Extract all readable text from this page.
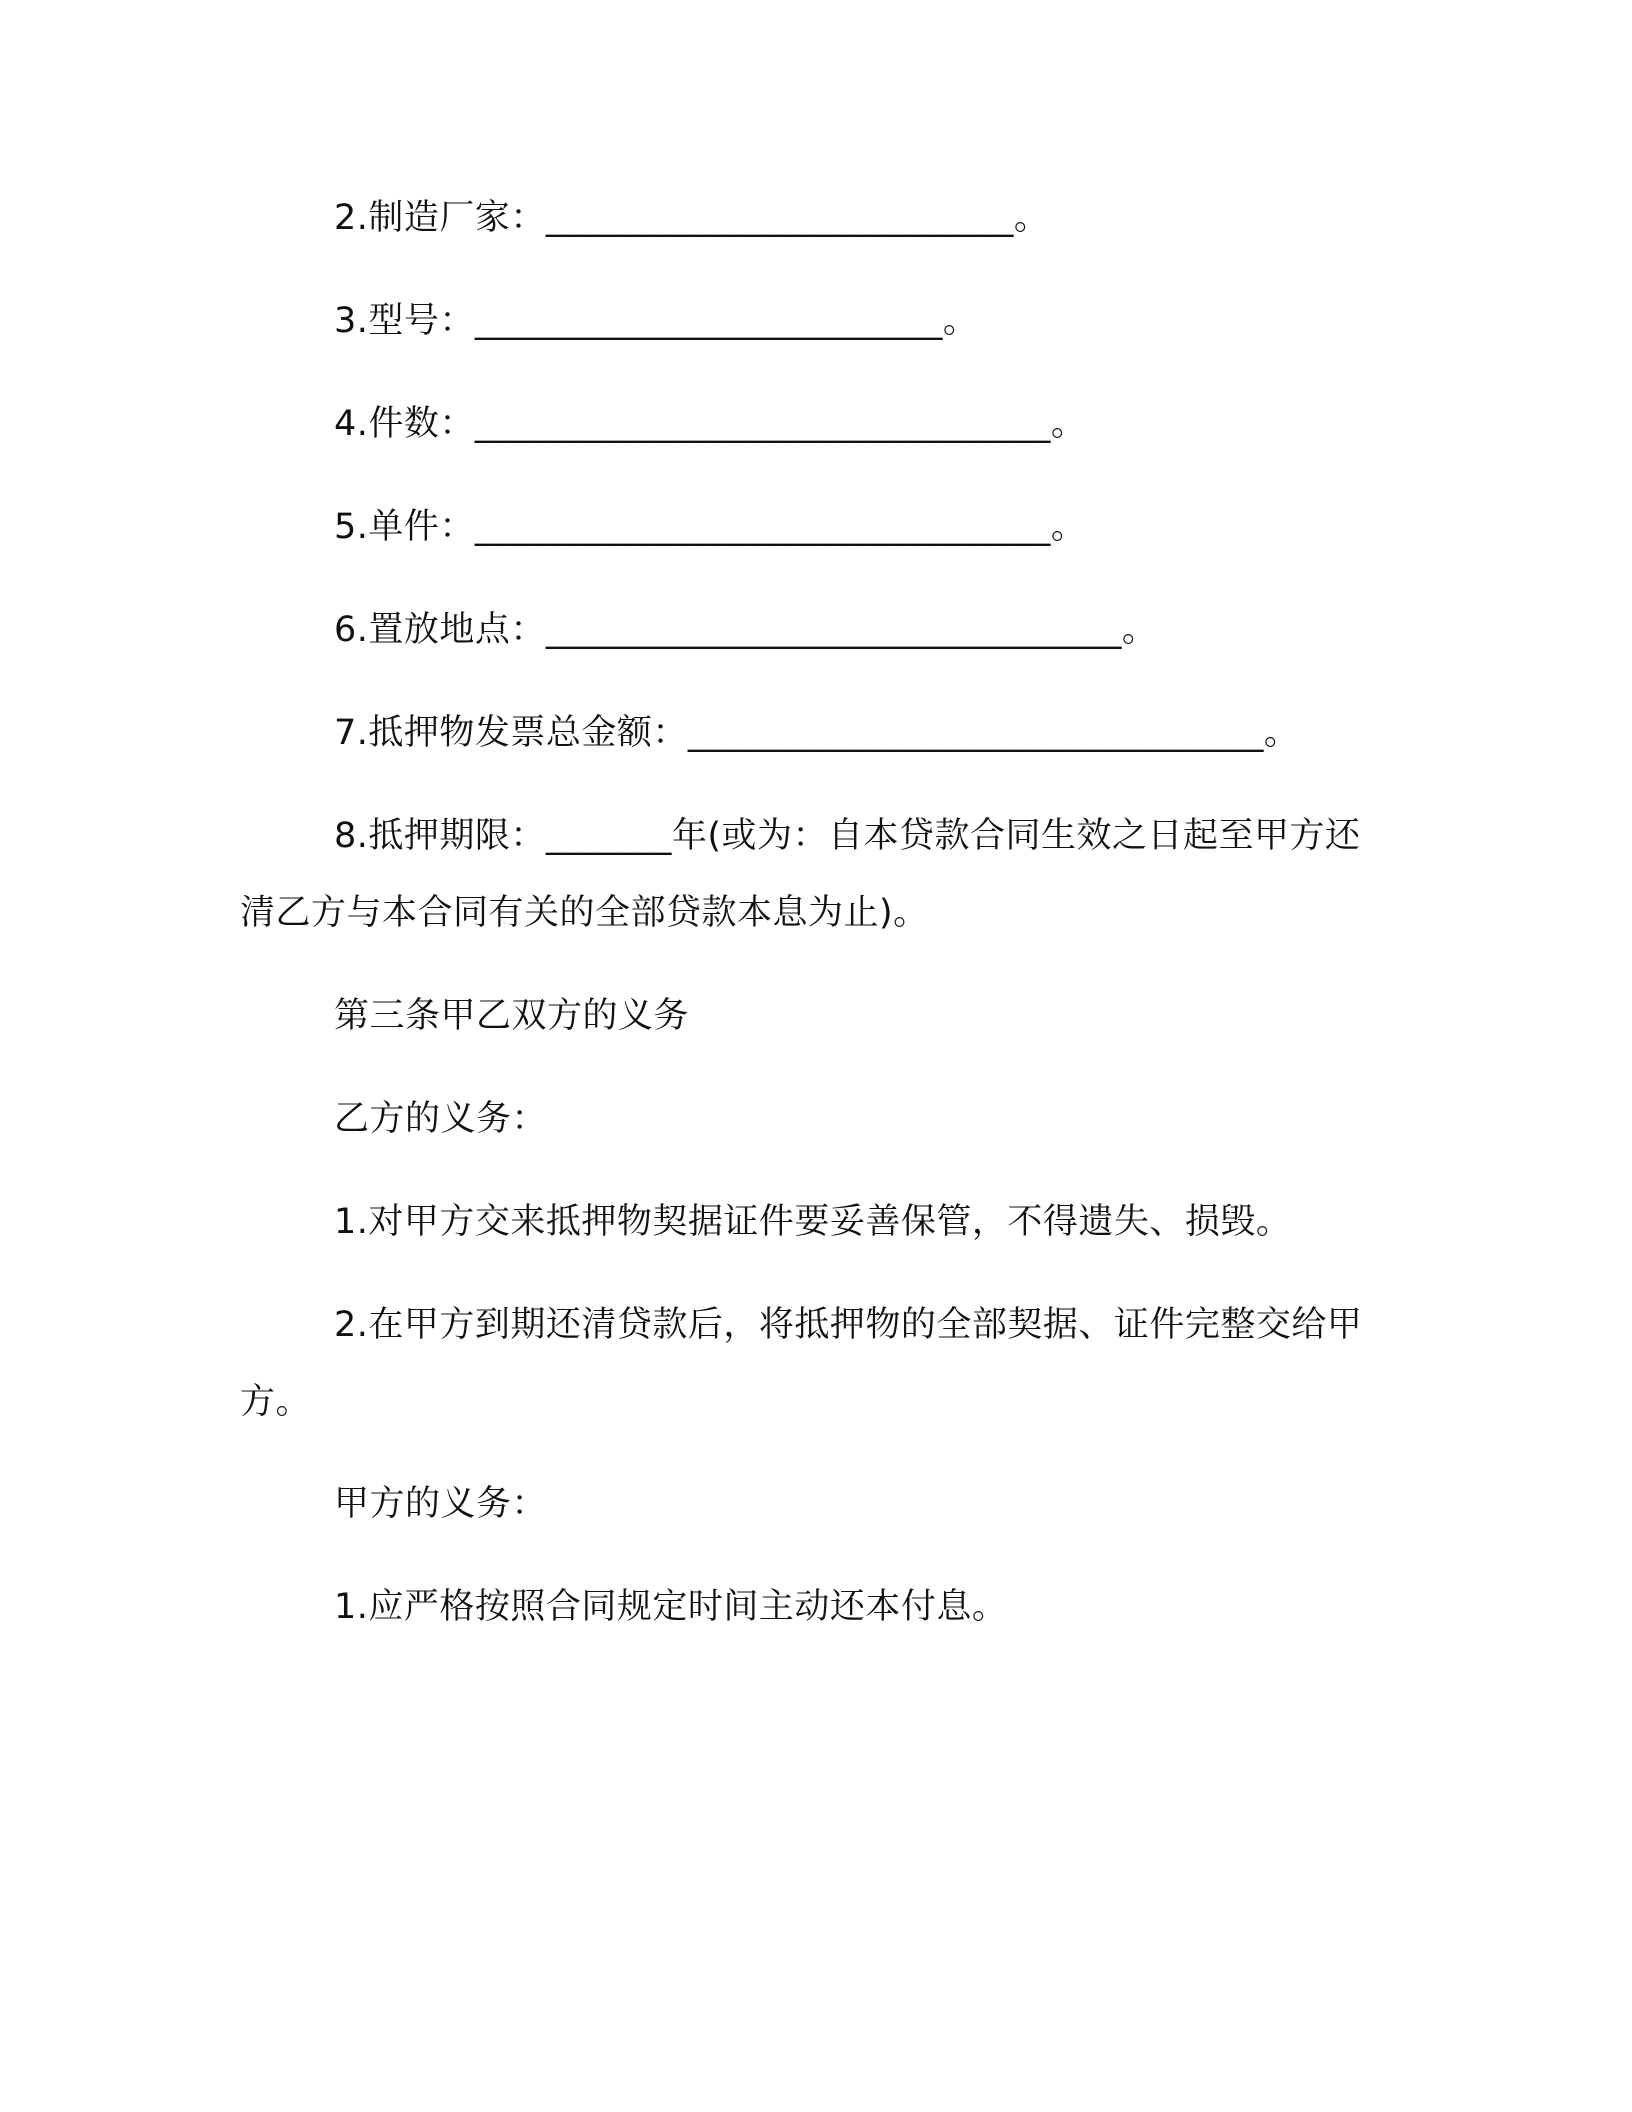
2.制造厂家：__________________________。

3.型号：__________________________。

4.件数：________________________________。

5.单件：________________________________。

6.置放地点：________________________________。

7.抵押物发票总金额：________________________________。

8.抵押期限：_______年(或为：自本贷款合同生效之日起至甲方还清乙方与本合同有关的全部贷款本息为止)。

第三条甲乙双方的义务

乙方的义务：

1.对甲方交来抵押物契据证件要妥善保管，不得遗失、损毁。

2.在甲方到期还清贷款后，将抵押物的全部契据、证件完整交给甲方。

甲方的义务：

1.应严格按照合同规定时间主动还本付息。
